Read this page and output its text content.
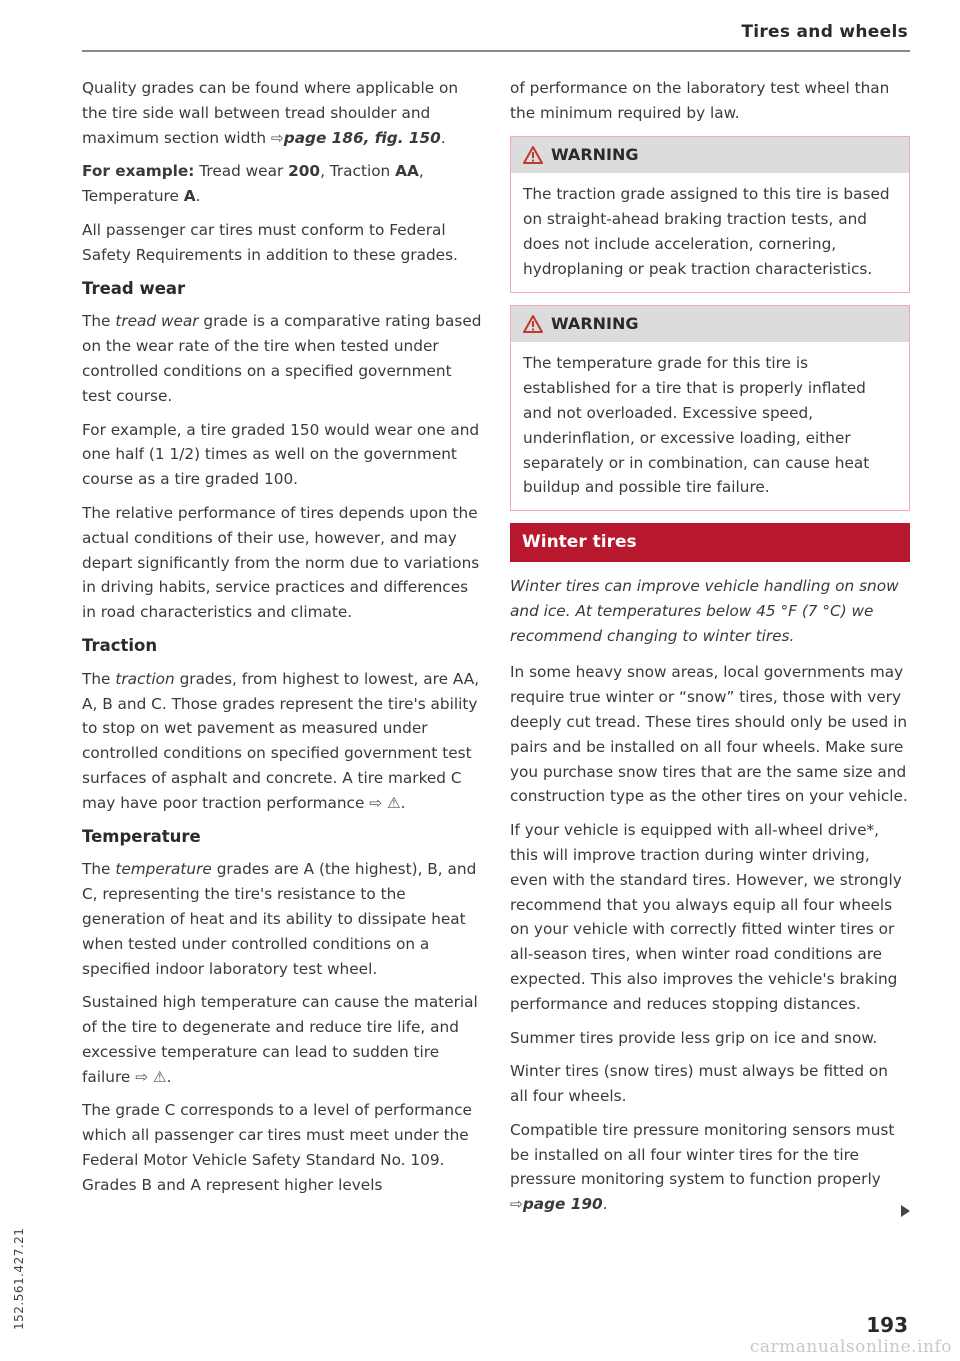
Tires and wheels

Quality grades can be found where applicable on the tire side wall between tread shoulder and maximum section width ⇨page 186, fig. 150.

For example: Tread wear 200, Traction AA, Temperature A.

All passenger car tires must conform to Federal Safety Requirements in addition to these grades.

Tread wear

The tread wear grade is a comparative rating based on the wear rate of the tire when tested under controlled conditions on a specified government test course.

For example, a tire graded 150 would wear one and one half (1 1/2) times as well on the government course as a tire graded 100.

The relative performance of tires depends upon the actual conditions of their use, however, and may depart significantly from the norm due to variations in driving habits, service practices and differences in road characteristics and climate.

Traction

The traction grades, from highest to lowest, are AA, A, B and C. Those grades represent the tire's ability to stop on wet pavement as measured under controlled conditions on specified government test surfaces of asphalt and concrete. A tire marked C may have poor traction performance ⇨ ⚠.

Temperature

The temperature grades are A (the highest), B, and C, representing the tire's resistance to the generation of heat and its ability to dissipate heat when tested under controlled conditions on a specified indoor laboratory test wheel.

Sustained high temperature can cause the material of the tire to degenerate and reduce tire life, and excessive temperature can lead to sudden tire failure ⇨ ⚠.

The grade C corresponds to a level of performance which all passenger car tires must meet under the Federal Motor Vehicle Safety Standard No. 109. Grades B and A represent higher levels

of performance on the laboratory test wheel than the minimum required by law.

WARNING
The traction grade assigned to this tire is based on straight-ahead braking traction tests, and does not include acceleration, cornering, hydroplaning or peak traction characteristics.
WARNING
The temperature grade for this tire is established for a tire that is properly inflated and not overloaded. Excessive speed, underinflation, or excessive loading, either separately or in combination, can cause heat buildup and possible tire failure.
Winter tires

Winter tires can improve vehicle handling on snow and ice. At temperatures below 45 °F (7 °C) we recommend changing to winter tires.

In some heavy snow areas, local governments may require true winter or “snow” tires, those with very deeply cut tread. These tires should only be used in pairs and be installed on all four wheels. Make sure you purchase snow tires that are the same size and construction type as the other tires on your vehicle.

If your vehicle is equipped with all-wheel drive*, this will improve traction during winter driving, even with the standard tires. However, we strongly recommend that you always equip all four wheels on your vehicle with correctly fitted winter tires or all-season tires, when winter road conditions are expected. This also improves the vehicle's braking performance and reduces stopping distances.

Summer tires provide less grip on ice and snow.

Winter tires (snow tires) must always be fitted on all four wheels.

Compatible tire pressure monitoring sensors must be installed on all four winter tires for the tire pressure monitoring system to function properly ⇨page 190.

152.561.427.21	193
carmanualsonline.info
